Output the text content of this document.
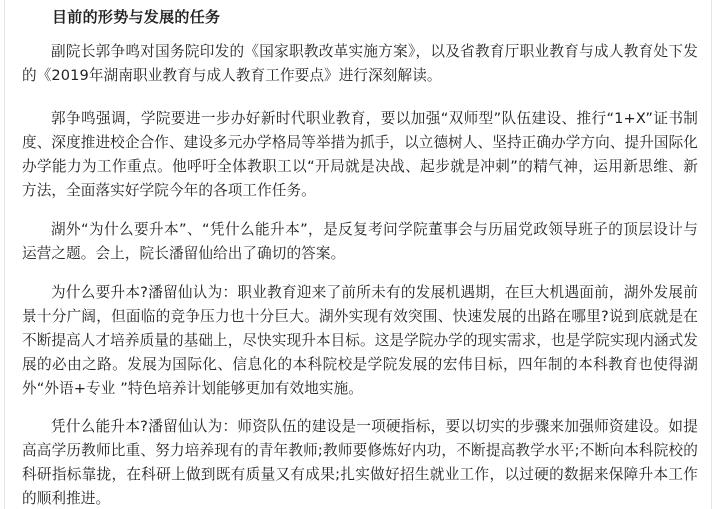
目前的形势与发展的任务

副院长郭争鸣对国务院印发的《国家职教改革实施方案》，以及省教育厅职业教育与成人教育处下发的《2019年湖南职业教育与成人教育工作要点》进行深刻解读。

郭争鸣强调，学院要进一步办好新时代职业教育，要以加强“双师型”队伍建设、推行“1+X”证书制度、深度推进校企合作、建设多元办学格局等举措为抓手，以立德树人、坚持正确办学方向、提升国际化办学能力为工作重点。他呼吁全体教职工以“开局就是决战、起步就是冲刺”的精气神，运用新思维、新方法，全面落实好学院今年的各项工作任务。

湖外“为什么要升本”、“凭什么能升本”，是反复考问学院董事会与历届党政领导班子的顶层设计与运营之题。会上，院长潘留仙给出了确切的答案。

为什么要升本?潘留仙认为：职业教育迎来了前所未有的发展机遇期，在巨大机遇面前，湖外发展前景十分广阔，但面临的竞争压力也十分巨大。湖外实现有效突围、快速发展的出路在哪里?说到底就是在不断提高人才培养质量的基础上，尽快实现升本目标。这是学院办学的现实需求，也是学院实现内涵式发展的必由之路。发展为国际化、信息化的本科院校是学院发展的宏伟目标，四年制的本科教育也使得湖外“外语+专业 ”特色培养计划能够更加有效地实施。

凭什么能升本?潘留仙认为：师资队伍的建设是一项硬指标，要以切实的步骤来加强师资建设。如提高高学历教师比重、努力培养现有的青年教师;教师要修炼好内功，不断提高教学水平;不断向本科院校的科研指标靠拢，在科研上做到既有质量又有成果;扎实做好招生就业工作，以过硬的数据来保障升本工作的顺利推进。
